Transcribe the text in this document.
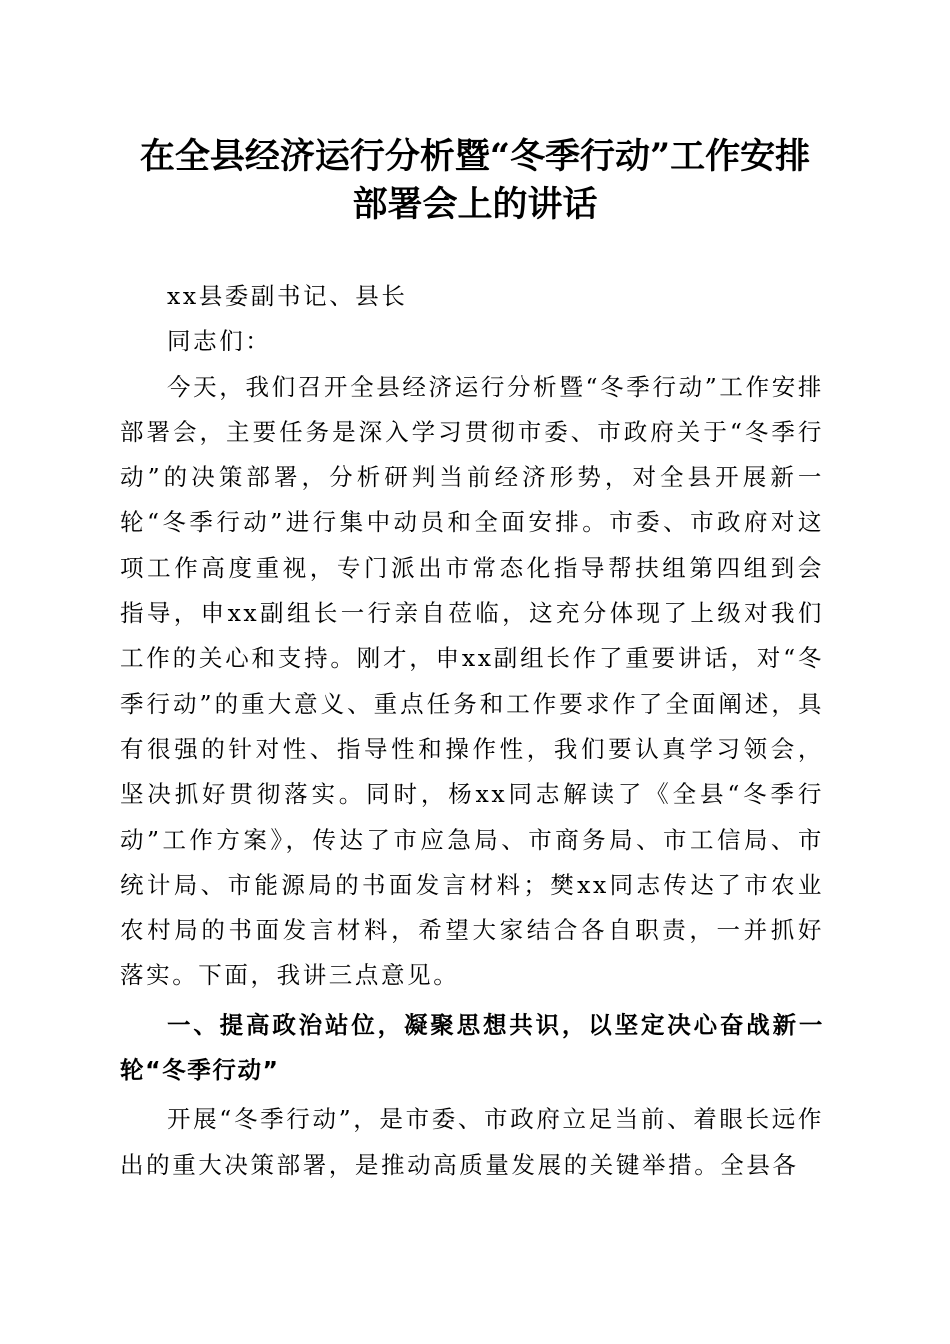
在全县经济运行分析暨“冬季行动”工作安排
部署会上的讲话

xx县委副书记、县长

同志们：

今天，我们召开全县经济运行分析暨“冬季行动”工作安排部署会，主要任务是深入学习贯彻市委、市政府关于“冬季行动”的决策部署，分析研判当前经济形势，对全县开展新一轮“冬季行动”进行集中动员和全面安排。市委、市政府对这项工作高度重视，专门派出市常态化指导帮扶组第四组到会指导，申xx副组长一行亲自莅临，这充分体现了上级对我们工作的关心和支持。刚才，申xx副组长作了重要讲话，对“冬季行动”的重大意义、重点任务和工作要求作了全面阐述，具有很强的针对性、指导性和操作性，我们要认真学习领会，坚决抓好贯彻落实。同时，杨xx同志解读了《全县“冬季行动”工作方案》，传达了市应急局、市商务局、市工信局、市统计局、市能源局的书面发言材料；樊xx同志传达了市农业农村局的书面发言材料，希望大家结合各自职责，一并抓好落实。下面，我讲三点意见。

一、提高政治站位，凝聚思想共识，以坚定决心奋战新一轮“冬季行动”

开展“冬季行动”，是市委、市政府立足当前、着眼长远作出的重大决策部署，是推动高质量发展的关键举措。全县各
